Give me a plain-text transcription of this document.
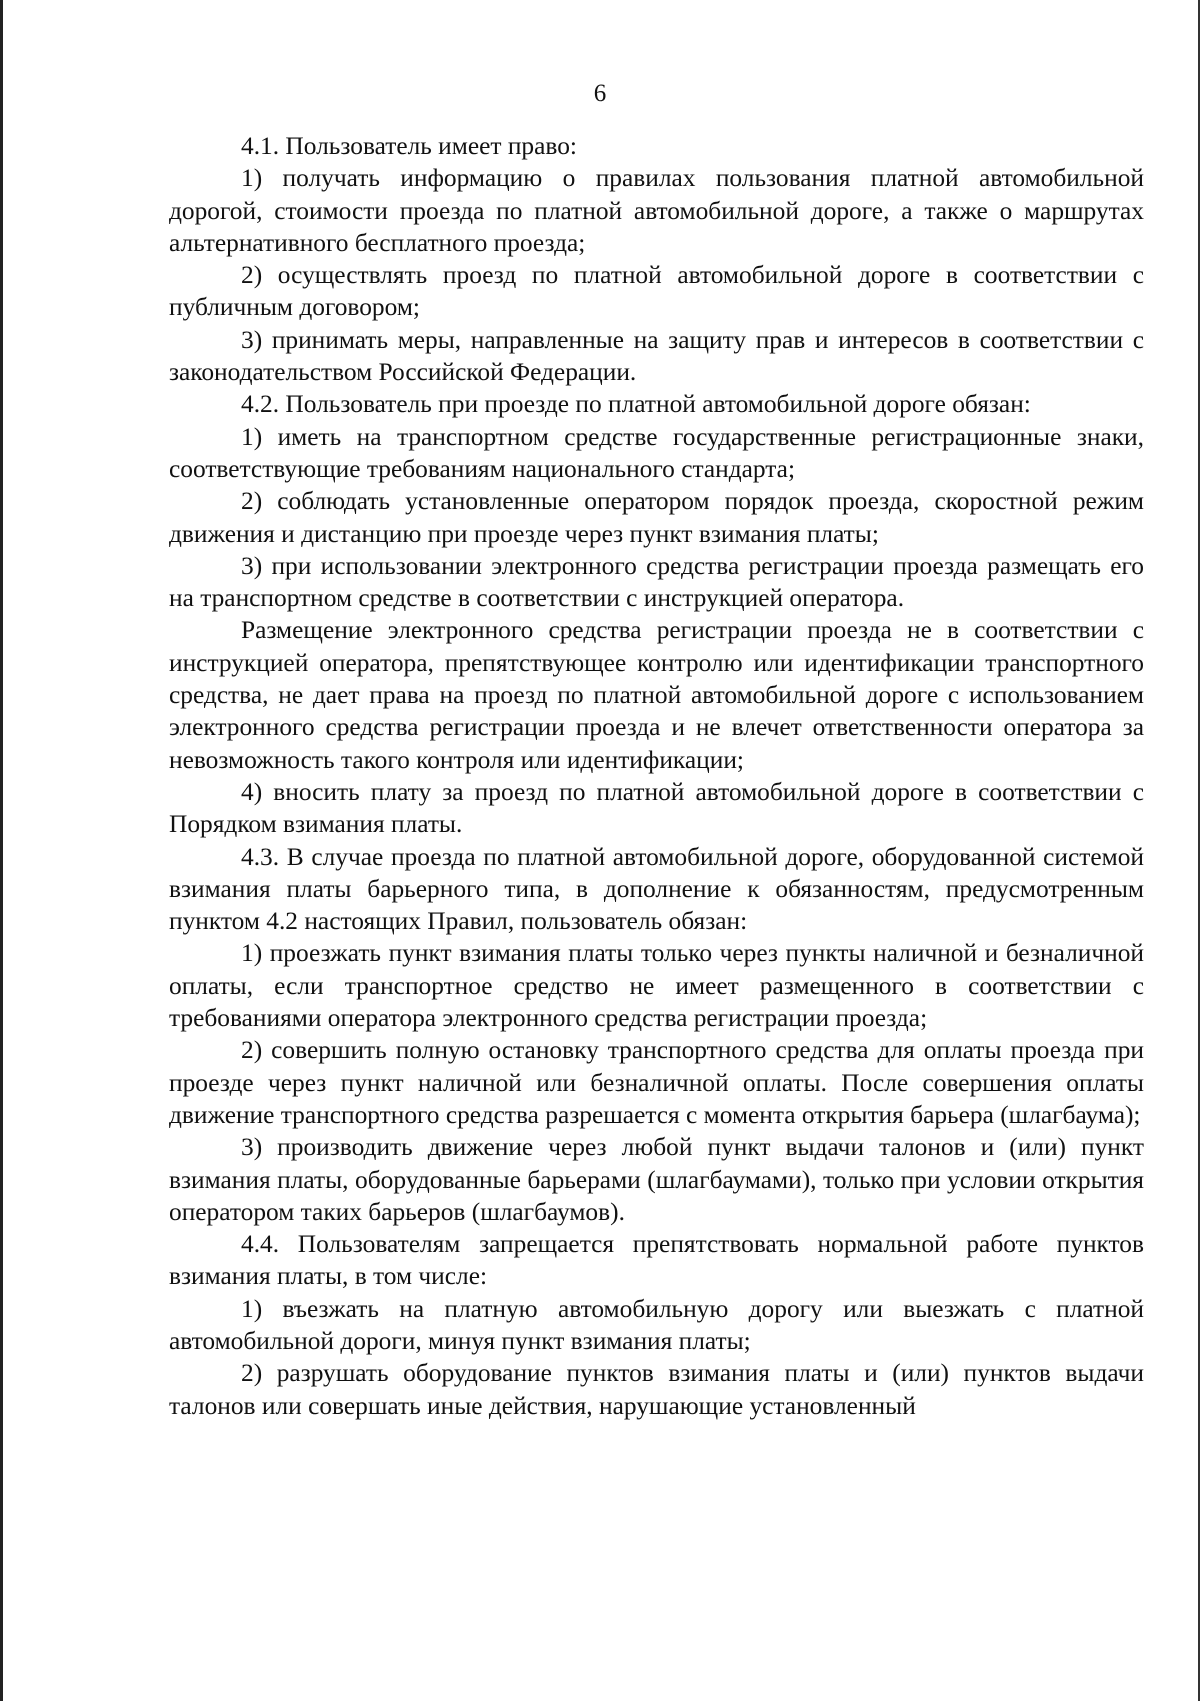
6

4.1. Пользователь имеет право:

1) получать информацию о правилах пользования платной автомобильной дорогой, стоимости проезда по платной автомобильной дороге, а также о маршрутах альтернативного бесплатного проезда;

2) осуществлять проезд по платной автомобильной дороге в соответствии с публичным договором;

3) принимать меры, направленные на защиту прав и интересов в соответствии с законодательством Российской Федерации.

4.2. Пользователь при проезде по платной автомобильной дороге обязан:

1) иметь на транспортном средстве государственные регистрационные знаки, соответствующие требованиям национального стандарта;

2) соблюдать установленные оператором порядок проезда, скоростной режим движения и дистанцию при проезде через пункт взимания платы;

3) при использовании электронного средства регистрации проезда размещать его на транспортном средстве в соответствии с инструкцией оператора.

Размещение электронного средства регистрации проезда не в соответствии с инструкцией оператора, препятствующее контролю или идентификации транспортного средства, не дает права на проезд по платной автомобильной дороге с использованием электронного средства регистрации проезда и не влечет ответственности оператора за невозможность такого контроля или идентификации;

4) вносить плату за проезд по платной автомобильной дороге в соответствии с Порядком взимания платы.

4.3. В случае проезда по платной автомобильной дороге, оборудованной системой взимания платы барьерного типа, в дополнение к обязанностям, предусмотренным пунктом 4.2 настоящих Правил, пользователь обязан:

1) проезжать пункт взимания платы только через пункты наличной и безналичной оплаты, если транспортное средство не имеет размещенного в соответствии с требованиями оператора электронного средства регистрации проезда;

2) совершить полную остановку транспортного средства для оплаты проезда при проезде через пункт наличной или безналичной оплаты. После совершения оплаты движение транспортного средства разрешается с момента открытия барьера (шлагбаума);

3) производить движение через любой пункт выдачи талонов и (или) пункт взимания платы, оборудованные барьерами (шлагбаумами), только при условии открытия оператором таких барьеров (шлагбаумов).

4.4. Пользователям запрещается препятствовать нормальной работе пунктов взимания платы, в том числе:

1) въезжать на платную автомобильную дорогу или выезжать с платной автомобильной дороги, минуя пункт взимания платы;

2) разрушать оборудование пунктов взимания платы и (или) пунктов выдачи талонов или совершать иные действия, нарушающие установленный
